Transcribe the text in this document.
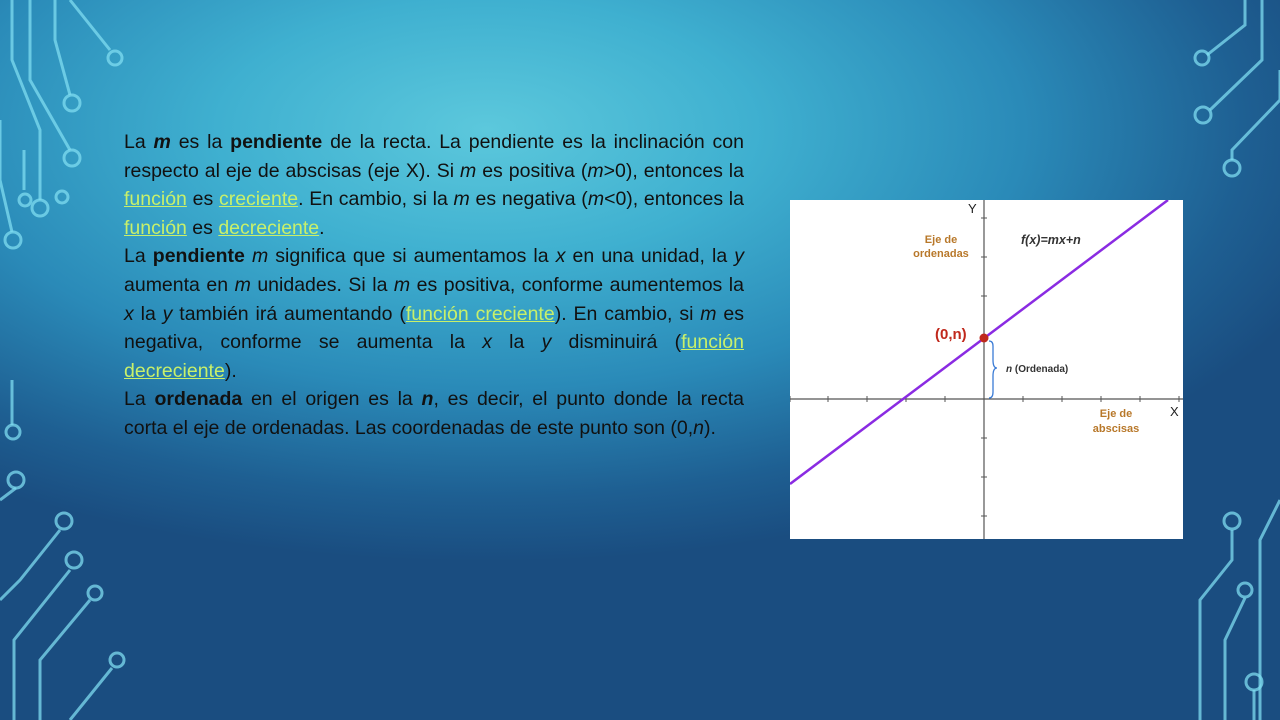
La m es la pendiente de la recta. La pendiente es la inclinación con respecto al eje de abscisas (eje X). Si m es positiva (m>0), entonces la función es creciente. En cambio, si la m es negativa (m<0), entonces la función es decreciente.

La pendiente m significa que si aumentamos la x en una unidad, la y aumenta en m unidades. Si la m es positiva, conforme aumentemos la x la y también irá aumentando (función creciente). En cambio, si m es negativa, conforme se aumenta la x la y disminuirá (función decreciente).

La ordenada en el origen es la n, es decir, el punto donde la recta corta el eje de ordenadas. Las coordenadas de este punto son (0,n).

Y
X
Eje de
ordenadas
Eje de
abscisas
f(x)=mx+n
(0,n)
n (Ordenada)
